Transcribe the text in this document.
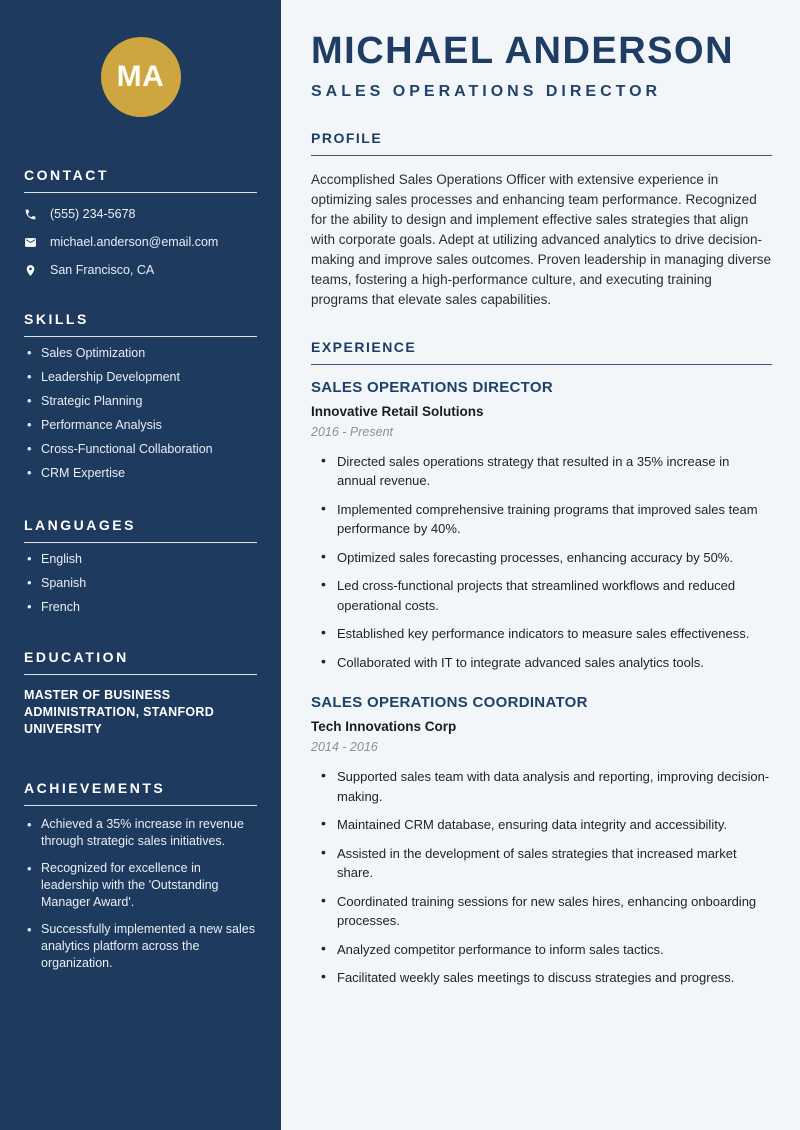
MA
CONTACT
(555) 234-5678
michael.anderson@email.com
San Francisco, CA
SKILLS
• Sales Optimization
• Leadership Development
• Strategic Planning
• Performance Analysis
• Cross-Functional Collaboration
• CRM Expertise
LANGUAGES
• English
• Spanish
• French
EDUCATION
MASTER OF BUSINESS ADMINISTRATION, STANFORD UNIVERSITY
ACHIEVEMENTS
• Achieved a 35% increase in revenue through strategic sales initiatives.
• Recognized for excellence in leadership with the 'Outstanding Manager Award'.
• Successfully implemented a new sales analytics platform across the organization.
MICHAEL ANDERSON
SALES OPERATIONS DIRECTOR
PROFILE

Accomplished Sales Operations Officer with extensive experience in optimizing sales processes and enhancing team performance. Recognized for the ability to design and implement effective sales strategies that align with corporate goals. Adept at utilizing advanced analytics to drive decision-making and improve sales outcomes. Proven leadership in managing diverse teams, fostering a high-performance culture, and executing training programs that elevate sales capabilities.

EXPERIENCE
SALES OPERATIONS DIRECTOR
Innovative Retail Solutions
2016 - Present
• Directed sales operations strategy that resulted in a 35% increase in annual revenue.
• Implemented comprehensive training programs that improved sales team performance by 40%.
• Optimized sales forecasting processes, enhancing accuracy by 50%.
• Led cross-functional projects that streamlined workflows and reduced operational costs.
• Established key performance indicators to measure sales effectiveness.
• Collaborated with IT to integrate advanced sales analytics tools.
SALES OPERATIONS COORDINATOR
Tech Innovations Corp
2014 - 2016
• Supported sales team with data analysis and reporting, improving decision-making.
• Maintained CRM database, ensuring data integrity and accessibility.
• Assisted in the development of sales strategies that increased market share.
• Coordinated training sessions for new sales hires, enhancing onboarding processes.
• Analyzed competitor performance to inform sales tactics.
• Facilitated weekly sales meetings to discuss strategies and progress.
